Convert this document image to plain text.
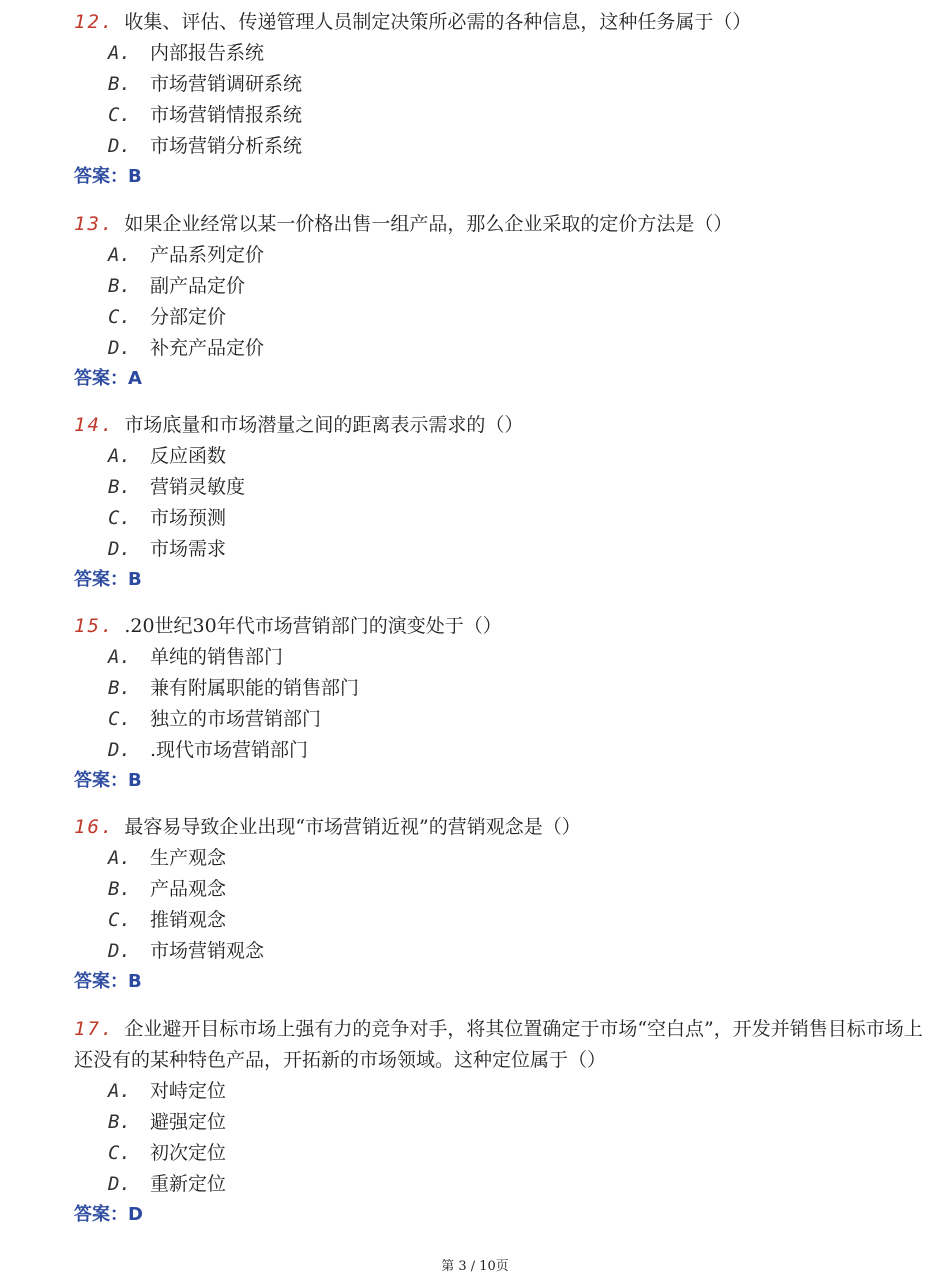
12. 收集、评估、传递管理人员制定决策所必需的各种信息，这种任务属于（）
A. 内部报告系统
B. 市场营销调研系统
C. 市场营销情报系统
D. 市场营销分析系统
答案：B
13. 如果企业经常以某一价格出售一组产品，那么企业采取的定价方法是（）
A. 产品系列定价
B. 副产品定价
C. 分部定价
D. 补充产品定价
答案：A
14. 市场底量和市场潜量之间的距离表示需求的（）
A. 反应函数
B. 营销灵敏度
C. 市场预测
D. 市场需求
答案：B
15. .20世纪30年代市场营销部门的演变处于（）
A. 单纯的销售部门
B. 兼有附属职能的销售部门
C. 独立的市场营销部门
D. .现代市场营销部门
答案：B
16. 最容易导致企业出现“市场营销近视”的营销观念是（）
A. 生产观念
B. 产品观念
C. 推销观念
D. 市场营销观念
答案：B
17. 企业避开目标市场上强有力的竞争对手，将其位置确定于市场“空白点”，开发并销售目标市场上还没有的某种特色产品，开拓新的市场领域。这种定位属于（）
A. 对峙定位
B. 避强定位
C. 初次定位
D. 重新定位
答案：D
第 3 / 10页
